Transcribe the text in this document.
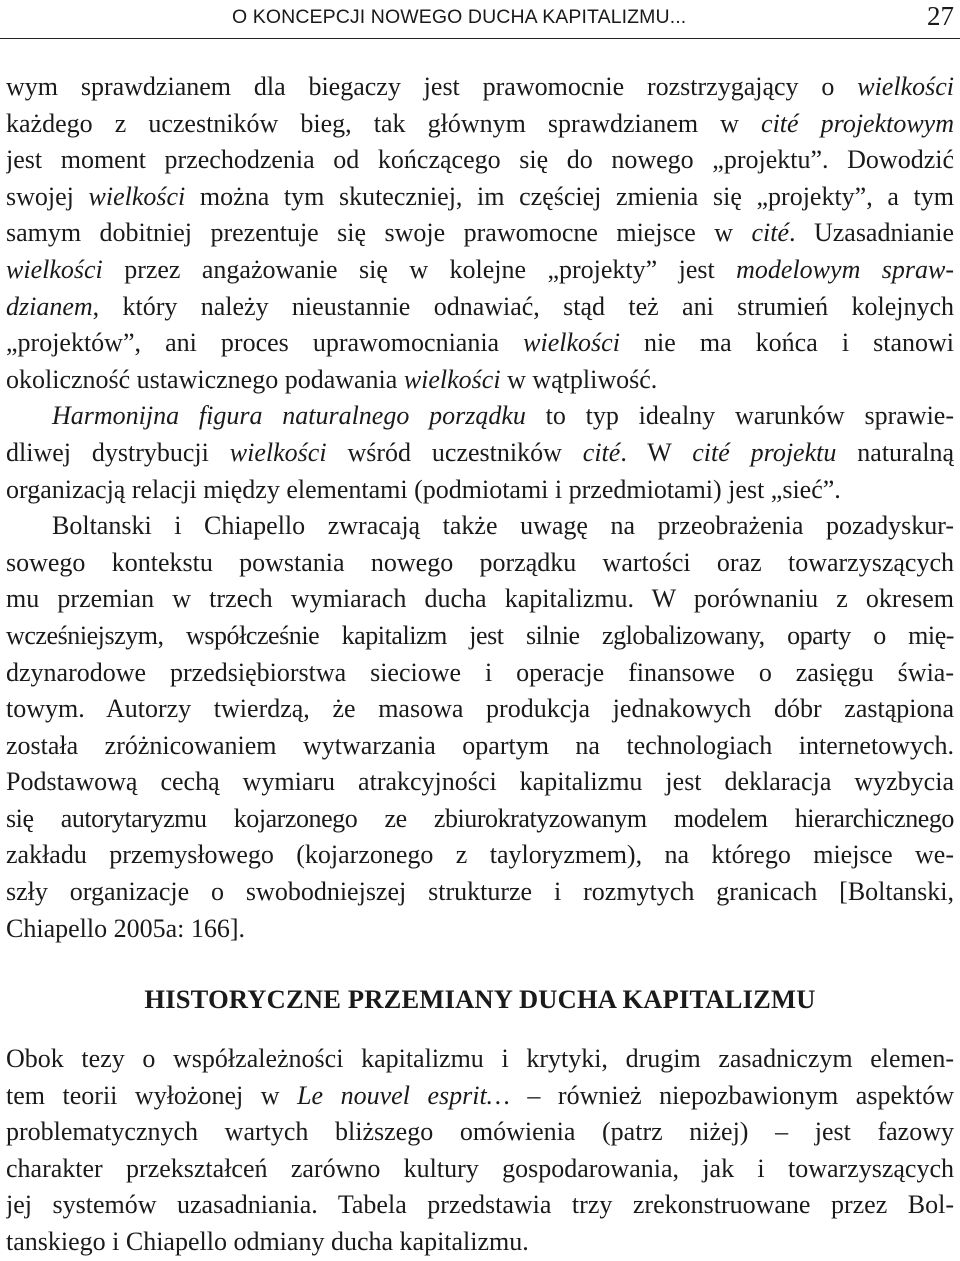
O KONCEPCJI NOWEGO DUCHA KAPITALIZMU...	27
wym sprawdzianem dla biegaczy jest prawomocnie rozstrzygający o wielkości
każdego z uczestników bieg, tak głównym sprawdzianem w cité projektowym
jest moment przechodzenia od kończącego się do nowego „projektu”. Dowodzić
swojej wielkości można tym skuteczniej, im częściej zmienia się „projekty”, a tym
samym dobitniej prezentuje się swoje prawomocne miejsce w cité. Uzasadnianie
wielkości przez angażowanie się w kolejne „projekty” jest modelowym spraw-
dzianem, który należy nieustannie odnawiać, stąd też ani strumień kolejnych
„projektów”, ani proces uprawomocniania wielkości nie ma końca i stanowi
okoliczność ustawicznego podawania wielkości w wątpliwość.
Harmonijna figura naturalnego porządku to typ idealny warunków sprawie-
dliwej dystrybucji wielkości wśród uczestników cité. W cité projektu naturalną
organizacją relacji między elementami (podmiotami i przedmiotami) jest „sieć”.
Boltanski i Chiapello zwracają także uwagę na przeobrażenia pozadyskur-
sowego kontekstu powstania nowego porządku wartości oraz towarzyszących
mu przemian w trzech wymiarach ducha kapitalizmu. W porównaniu z okresem
wcześniejszym, współcześnie kapitalizm jest silnie zglobalizowany, oparty o mię-
dzynarodowe przedsiębiorstwa sieciowe i operacje finansowe o zasięgu świa-
towym. Autorzy twierdzą, że masowa produkcja jednakowych dóbr zastąpiona
została zróżnicowaniem wytwarzania opartym na technologiach internetowych.
Podstawową cechą wymiaru atrakcyjności kapitalizmu jest deklaracja wyzbycia
się autorytaryzmu kojarzonego ze zbiurokratyzowanym modelem hierarchicznego
zakładu przemysłowego (kojarzonego z tayloryzmem), na którego miejsce we-
szły organizacje o swobodniejszej strukturze i rozmytych granicach [Boltanski,
Chiapello 2005a: 166].
HISTORYCZNE PRZEMIANY DUCHA KAPITALIZMU
Obok tezy o współzależności kapitalizmu i krytyki, drugim zasadniczym elemen-
tem teorii wyłożonej w Le nouvel esprit… – również niepozbawionym aspektów
problematycznych wartych bliższego omówienia (patrz niżej) – jest fazowy
charakter przekształceń zarówno kultury gospodarowania, jak i towarzyszących
jej systemów uzasadniania. Tabela przedstawia trzy zrekonstruowane przez Bol-
tanskiego i Chiapello odmiany ducha kapitalizmu.
